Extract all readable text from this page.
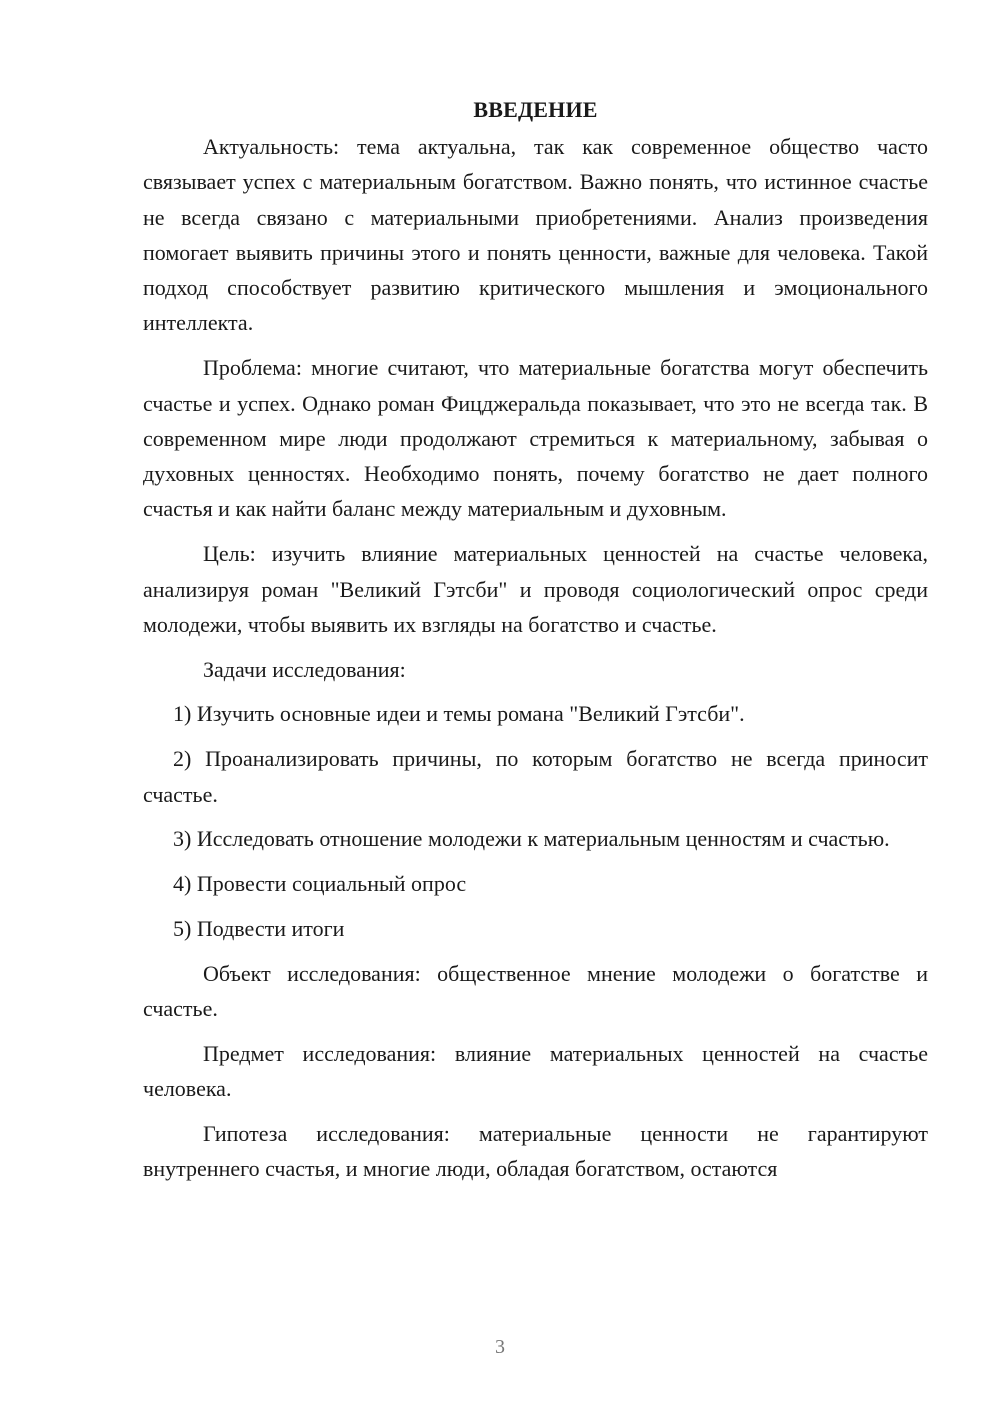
ВВЕДЕНИЕ

Актуальность: тема актуальна, так как современное общество часто связывает успех с материальным богатством. Важно понять, что истинное счастье не всегда связано с материальными приобретениями. Анализ произведения помогает выявить причины этого и понять ценности, важные для человека. Такой подход способствует развитию критического мышления и эмоционального интеллекта.

Проблема: многие считают, что материальные богатства могут обеспечить счастье и успех. Однако роман Фицджеральда показывает, что это не всегда так. В современном мире люди продолжают стремиться к материальному, забывая о духовных ценностях. Необходимо понять, почему богатство не дает полного счастья и как найти баланс между материальным и духовным.

Цель: изучить влияние материальных ценностей на счастье человека, анализируя роман "Великий Гэтсби" и проводя социологический опрос среди молодежи, чтобы выявить их взгляды на богатство и счастье.

Задачи исследования:

1) Изучить основные идеи и темы романа "Великий Гэтсби".

2) Проанализировать причины, по которым богатство не всегда приносит счастье.

3) Исследовать отношение молодежи к материальным ценностям и счастью.

4) Провести социальный опрос

5) Подвести итоги

Объект исследования: общественное мнение молодежи о богатстве и счастье.

Предмет исследования: влияние материальных ценностей на счастье человека.

Гипотеза исследования: материальные ценности не гарантируют внутреннего счастья, и многие люди, обладая богатством, остаются

3
